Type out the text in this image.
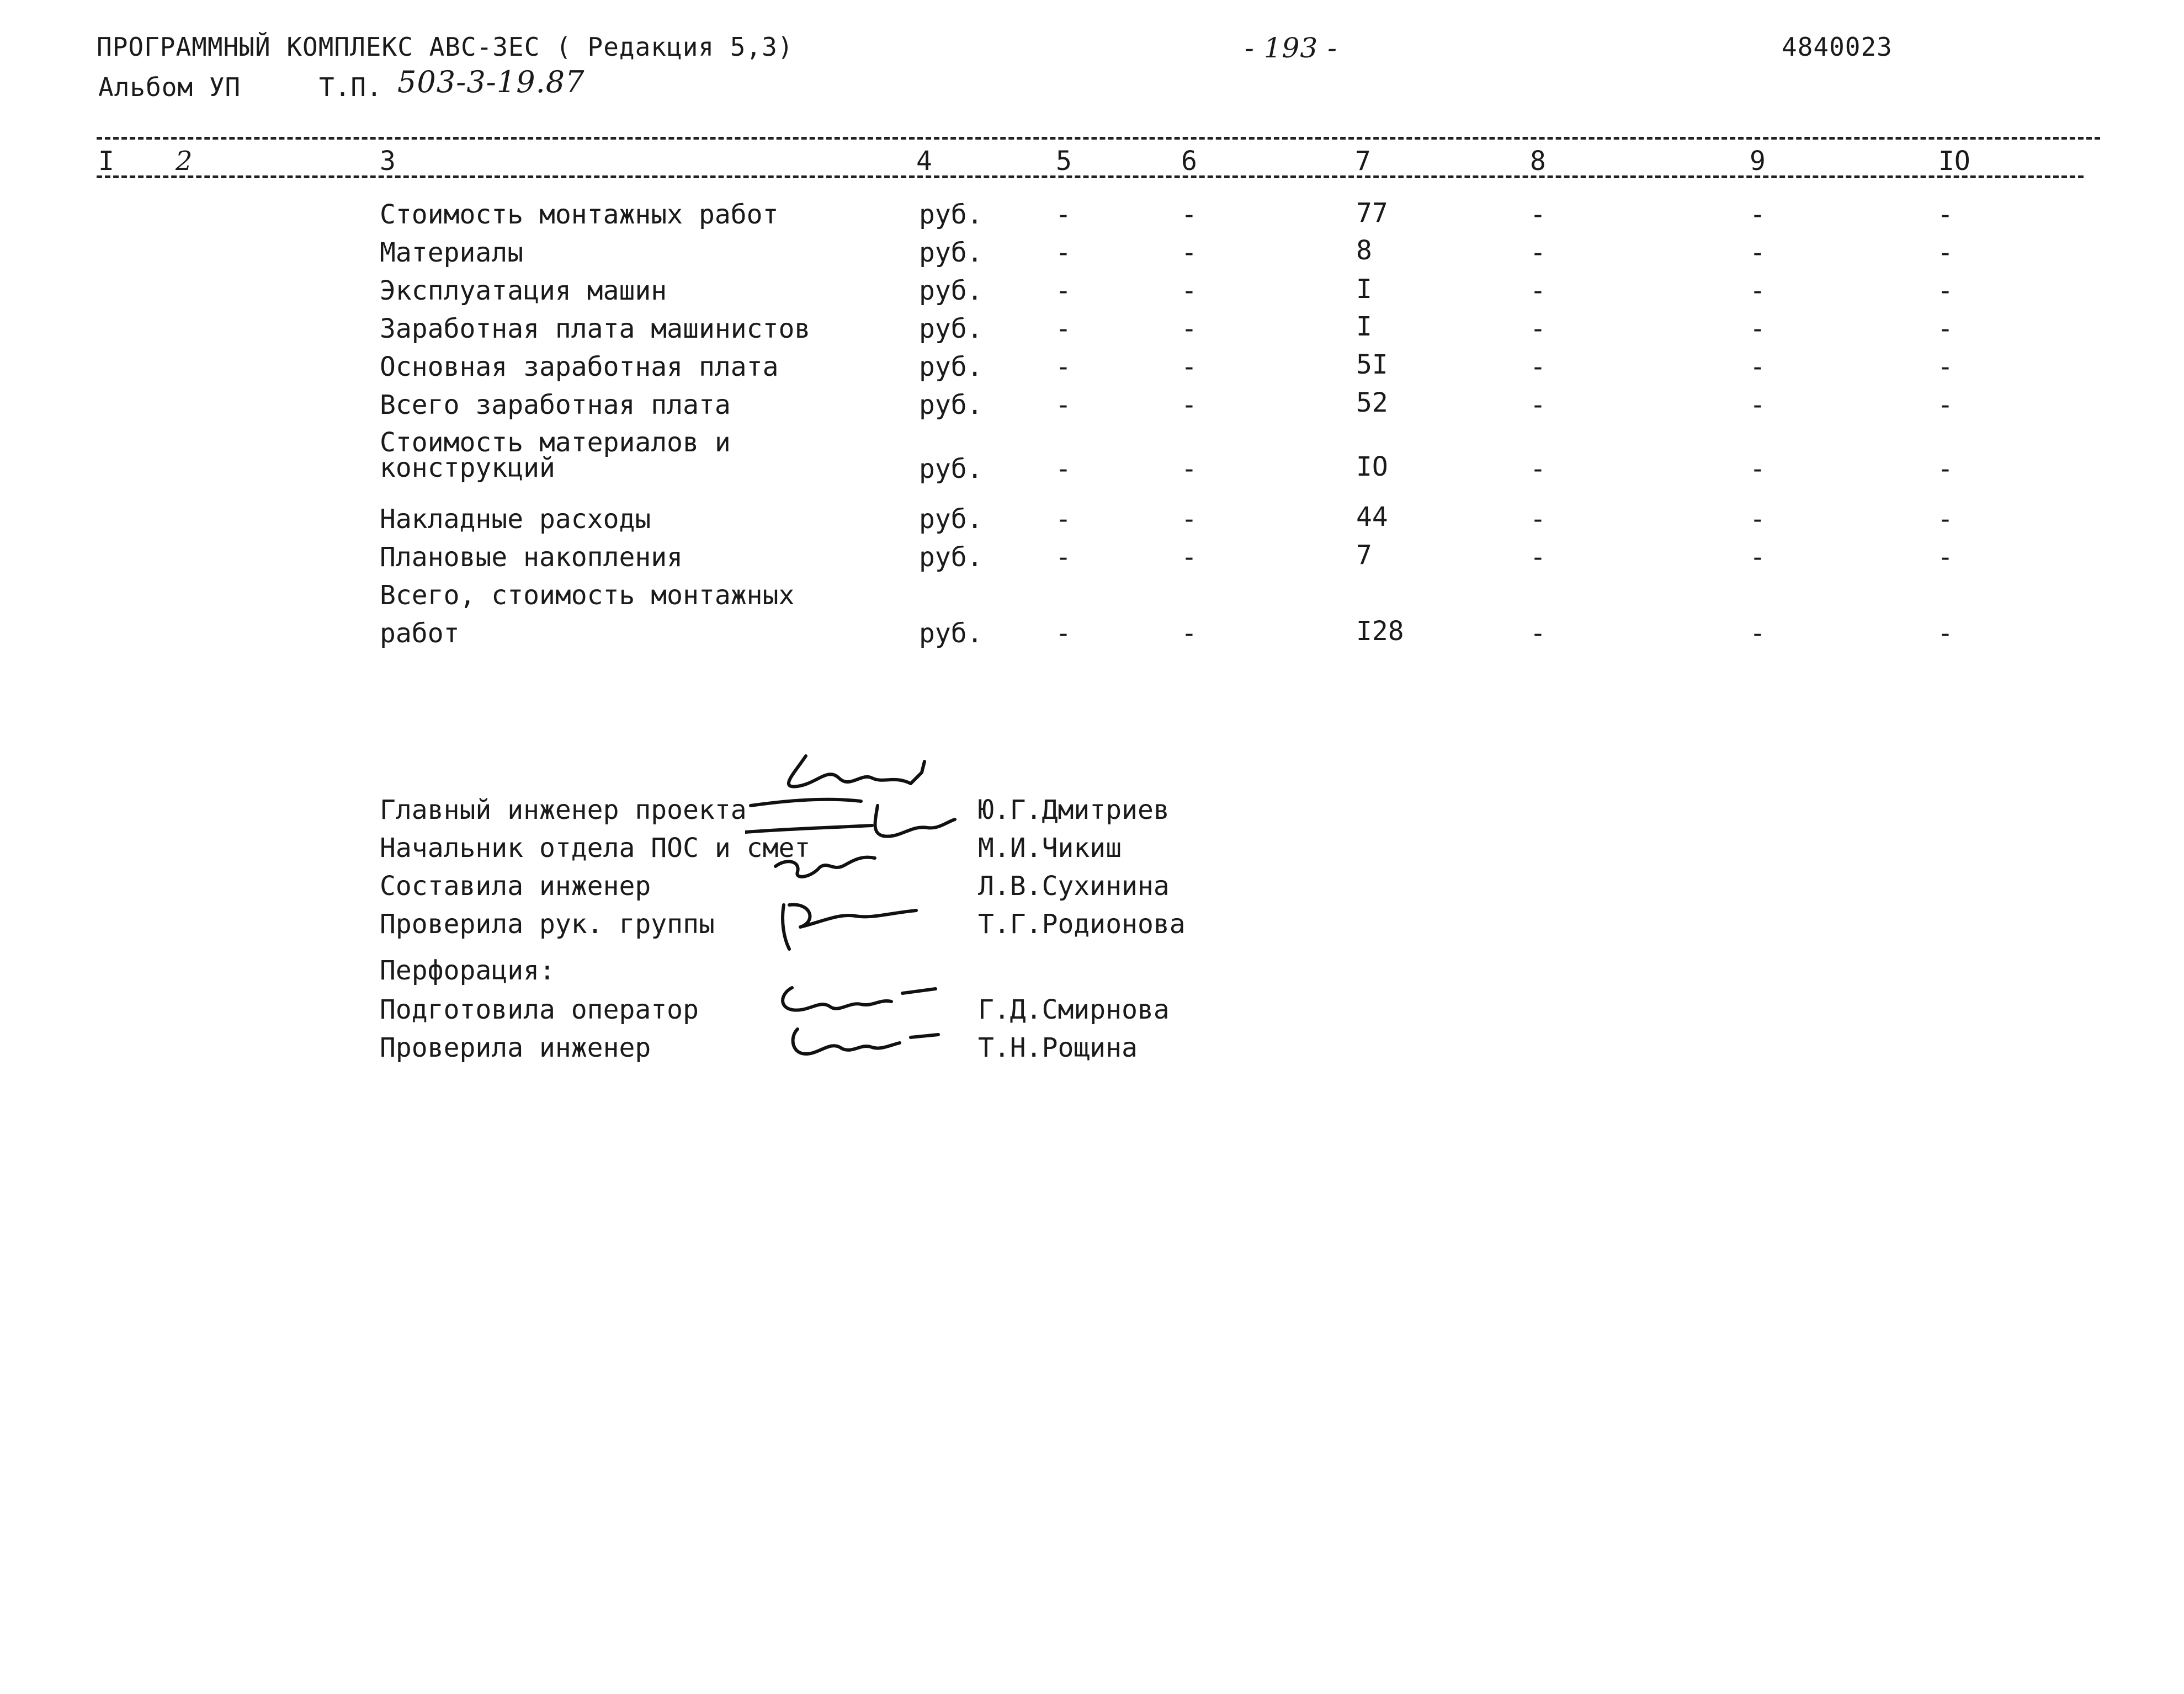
ПРОГРАММНЫЙ КОМПЛЕКС АВС-ЗЕС ( Редакция 5,3)	- 193 -	4840023
Альбом УП	Т.П. 503-3-19.87
I 2	3	4	5	6	7	8	9	IO
Стоимость монтажных работ	руб.	-	-	77	-	-	-
Материалы	руб.	-	-	8	-	-	-
Эксплуатация машин	руб.	-	-	I	-	-	-
Заработная плата машинистов	руб.	-	-	I	-	-	-
Основная заработная плата	руб.	-	-	5I	-	-	-
Всего заработная плата	руб.	-	-	52	-	-	-
Стоимость материалов и
конструкций	руб.	-	-	IO	-	-	-
Накладные расходы	руб.	-	-	44	-	-	-
Плановые накопления	руб.	-	-	7	-	-	-
Всего, стоимость монтажных
работ	руб.	-	-	I28	-	-	-
Главный инженер проекта	Ю.Г.Дмитриев
Начальник отдела ПОС и смет	М.И.Чикиш
Составила инженер	Л.В.Сухинина
Проверила рук. группы	Т.Г.Родионова
Перфорация:
Подготовила оператор	Г.Д.Смирнова
Проверила инженер	Т.Н.Рощина
